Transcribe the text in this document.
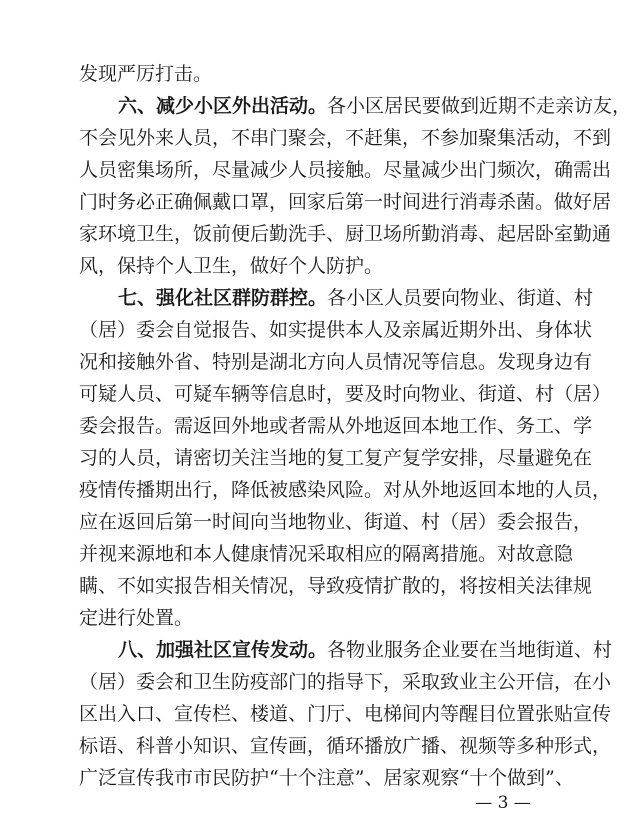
发现严厉打击。
六、减少小区外出活动。各小区居民要做到近期不走亲访友，
不会见外来人员，不串门聚会，不赶集，不参加聚集活动，不到
人员密集场所，尽量减少人员接触。尽量减少出门频次，确需出
门时务必正确佩戴口罩，回家后第一时间进行消毒杀菌。做好居
家环境卫生，饭前便后勤洗手、厨卫场所勤消毒、起居卧室勤通
风，保持个人卫生，做好个人防护。
七、强化社区群防群控。各小区人员要向物业、街道、村
（居）委会自觉报告、如实提供本人及亲属近期外出、身体状
况和接触外省、特别是湖北方向人员情况等信息。发现身边有
可疑人员、可疑车辆等信息时，要及时向物业、街道、村（居）
委会报告。需返回外地或者需从外地返回本地工作、务工、学
习的人员，请密切关注当地的复工复产复学安排，尽量避免在
疫情传播期出行，降低被感染风险。对从外地返回本地的人员，
应在返回后第一时间向当地物业、街道、村（居）委会报告，
并视来源地和本人健康情况采取相应的隔离措施。对故意隐
瞒、不如实报告相关情况，导致疫情扩散的，将按相关法律规
定进行处置。
八、加强社区宣传发动。各物业服务企业要在当地街道、村
（居）委会和卫生防疫部门的指导下，采取致业主公开信，在小
区出入口、宣传栏、楼道、门厅、电梯间内等醒目位置张贴宣传
标语、科普小知识、宣传画，循环播放广播、视频等多种形式，
广泛宣传我市市民防护“十个注意”、居家观察“十个做到”、
— 3 —
